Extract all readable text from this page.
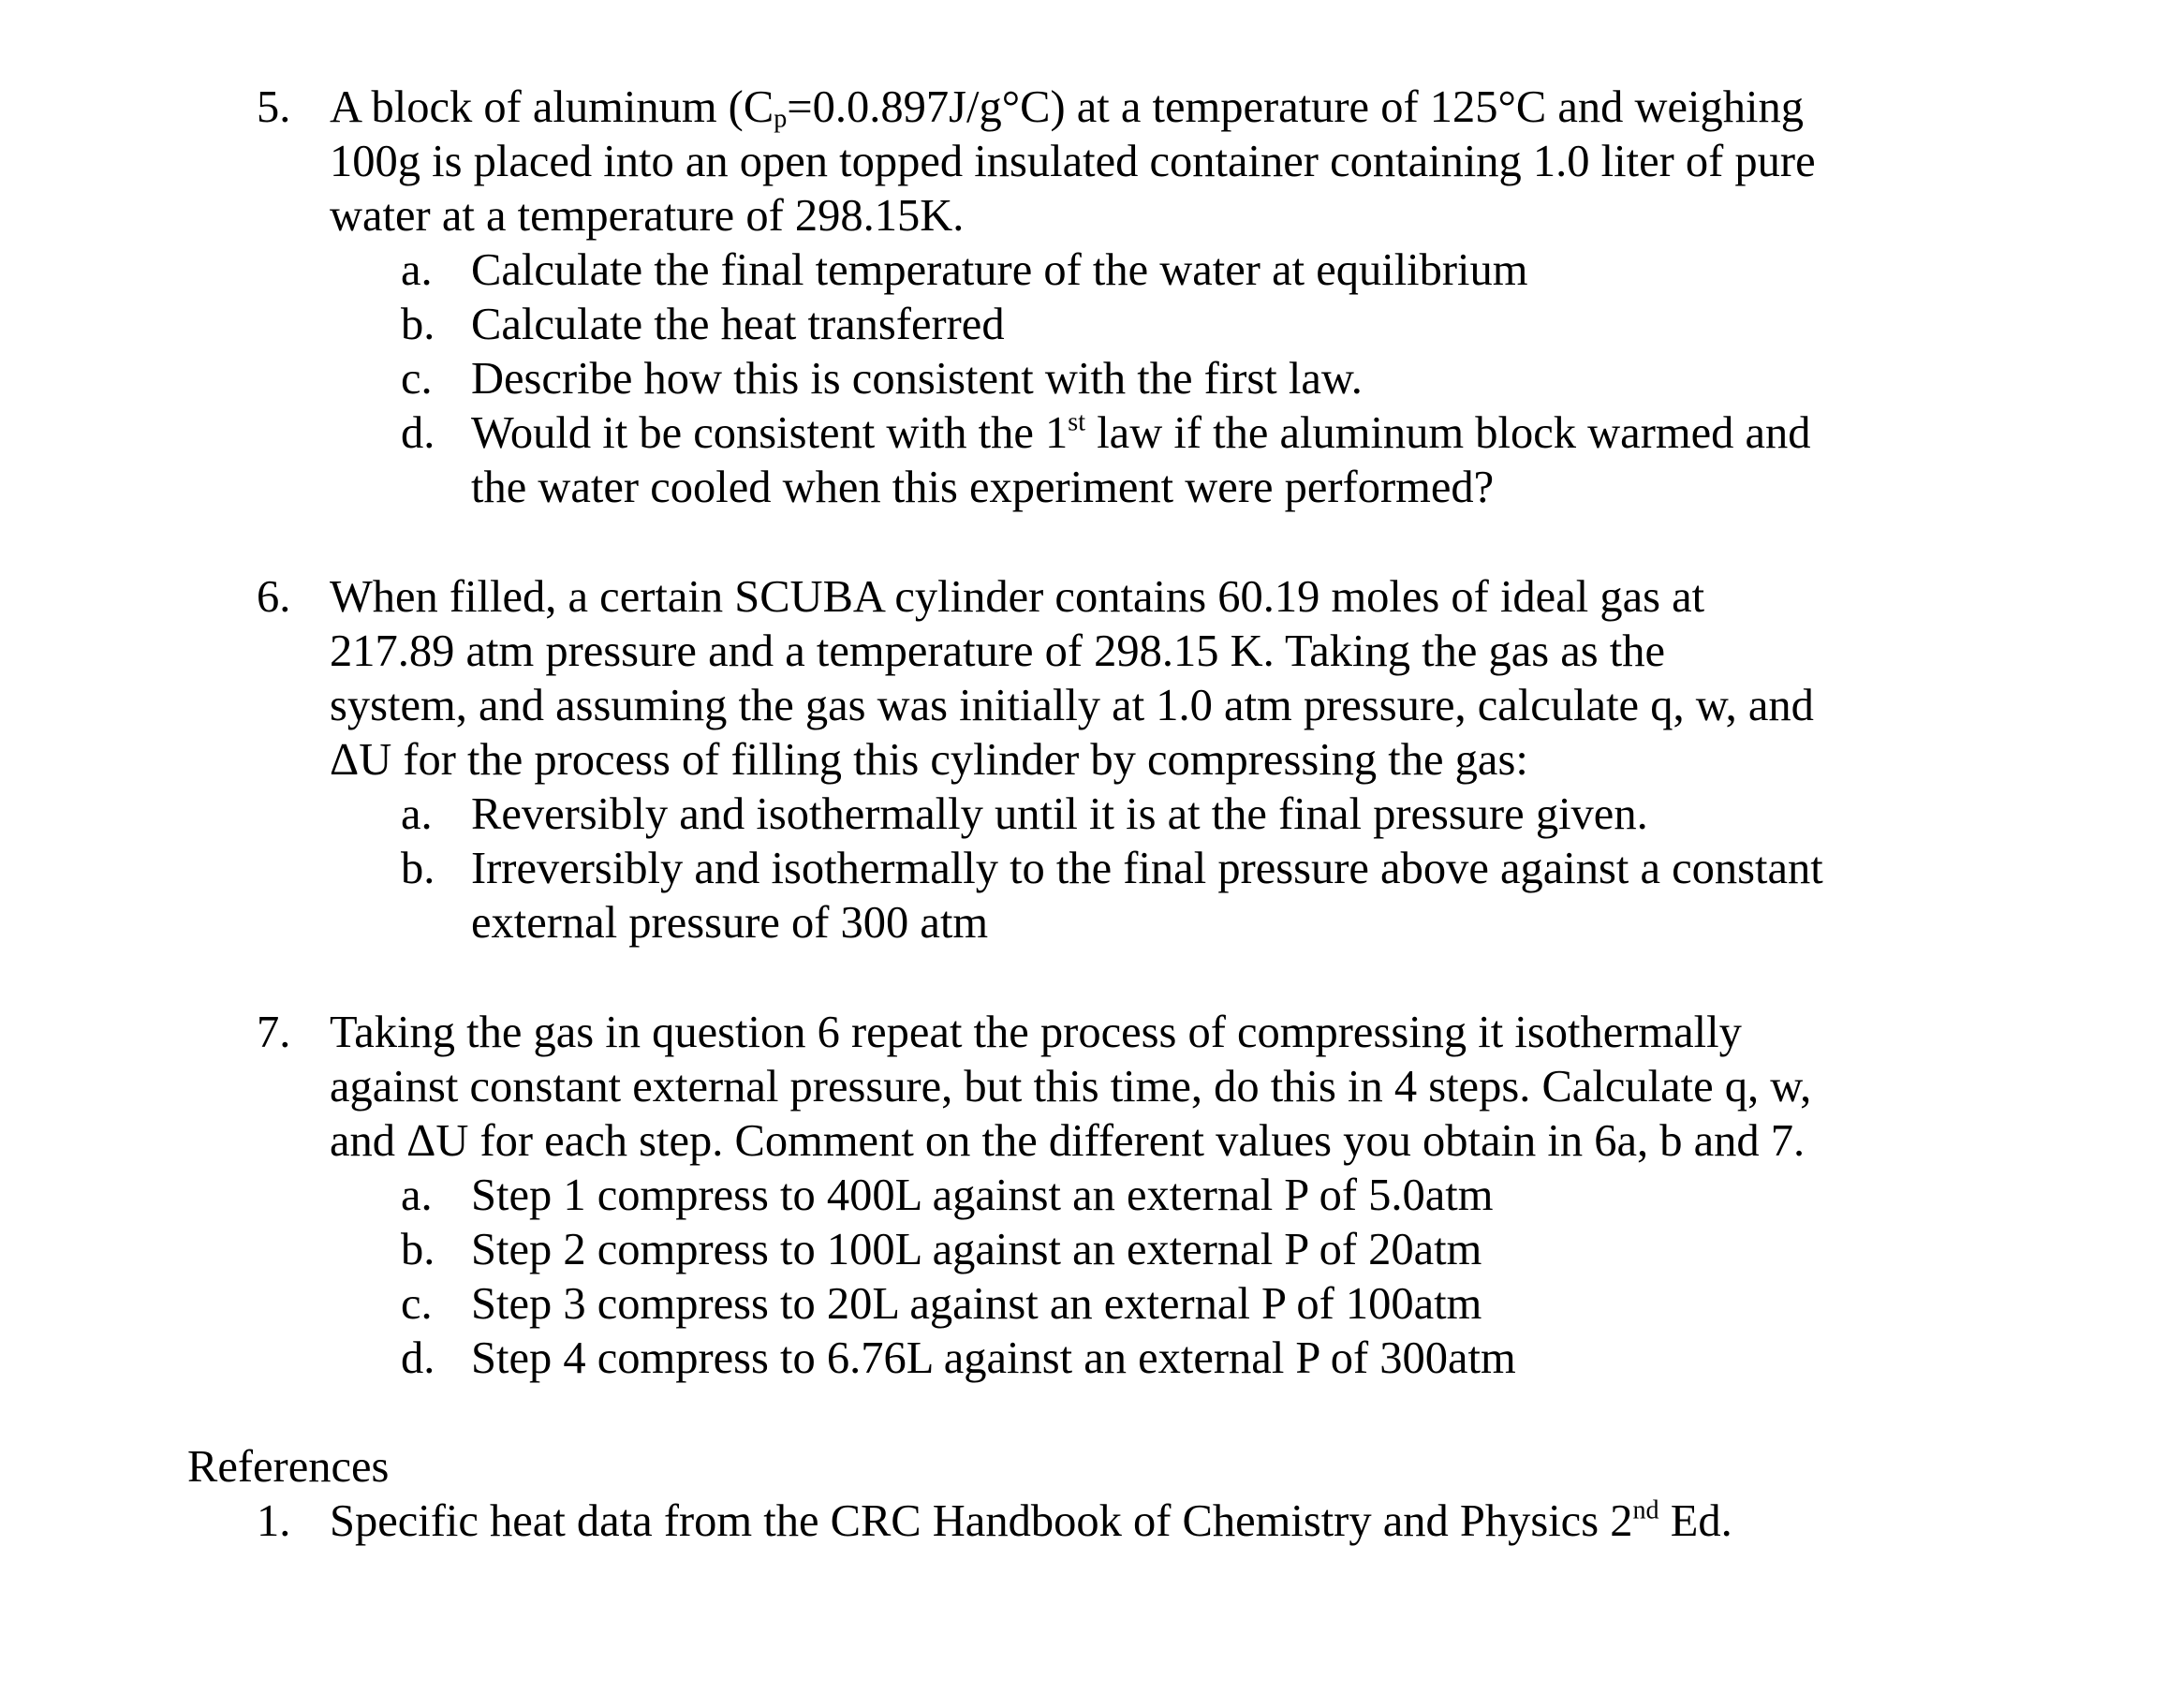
5. A block of aluminum $(C_p=0.0.897J/g^\circ C)$ at a temperature of 125°C and weighing
100g is placed into an open topped insulated container containing 1.0 liter of pure
water at a temperature of 298.15K.
a. Calculate the final temperature of the water at equilibrium
b. Calculate the heat transferred
c. Describe how this is consistent with the first law.
d. Would it be consistent with the 1st law if the aluminum block warmed and
the water cooled when this experiment were performed?
6. When filled, a certain SCUBA cylinder contains 60.19 moles of ideal gas at
217.89 atm pressure and a temperature of 298.15 K. Taking the gas as the
system, and assuming the gas was initially at 1.0 atm pressure, calculate q, w, and
ΔU for the process of filling this cylinder by compressing the gas:
a. Reversibly and isothermally until it is at the final pressure given.
b. Irreversibly and isothermally to the final pressure above against a constant
external pressure of 300 atm
7. Taking the gas in question 6 repeat the process of compressing it isothermally
against constant external pressure, but this time, do this in 4 steps. Calculate q, w,
and ΔU for each step. Comment on the different values you obtain in 6a, b and 7.
a. Step 1 compress to 400L against an external P of 5.0atm
b. Step 2 compress to 100L against an external P of 20atm
c. Step 3 compress to 20L against an external P of 100atm
d. Step 4 compress to 6.76L against an external P of 300atm
References
1. Specific heat data from the CRC Handbook of Chemistry and Physics 2nd Ed.
